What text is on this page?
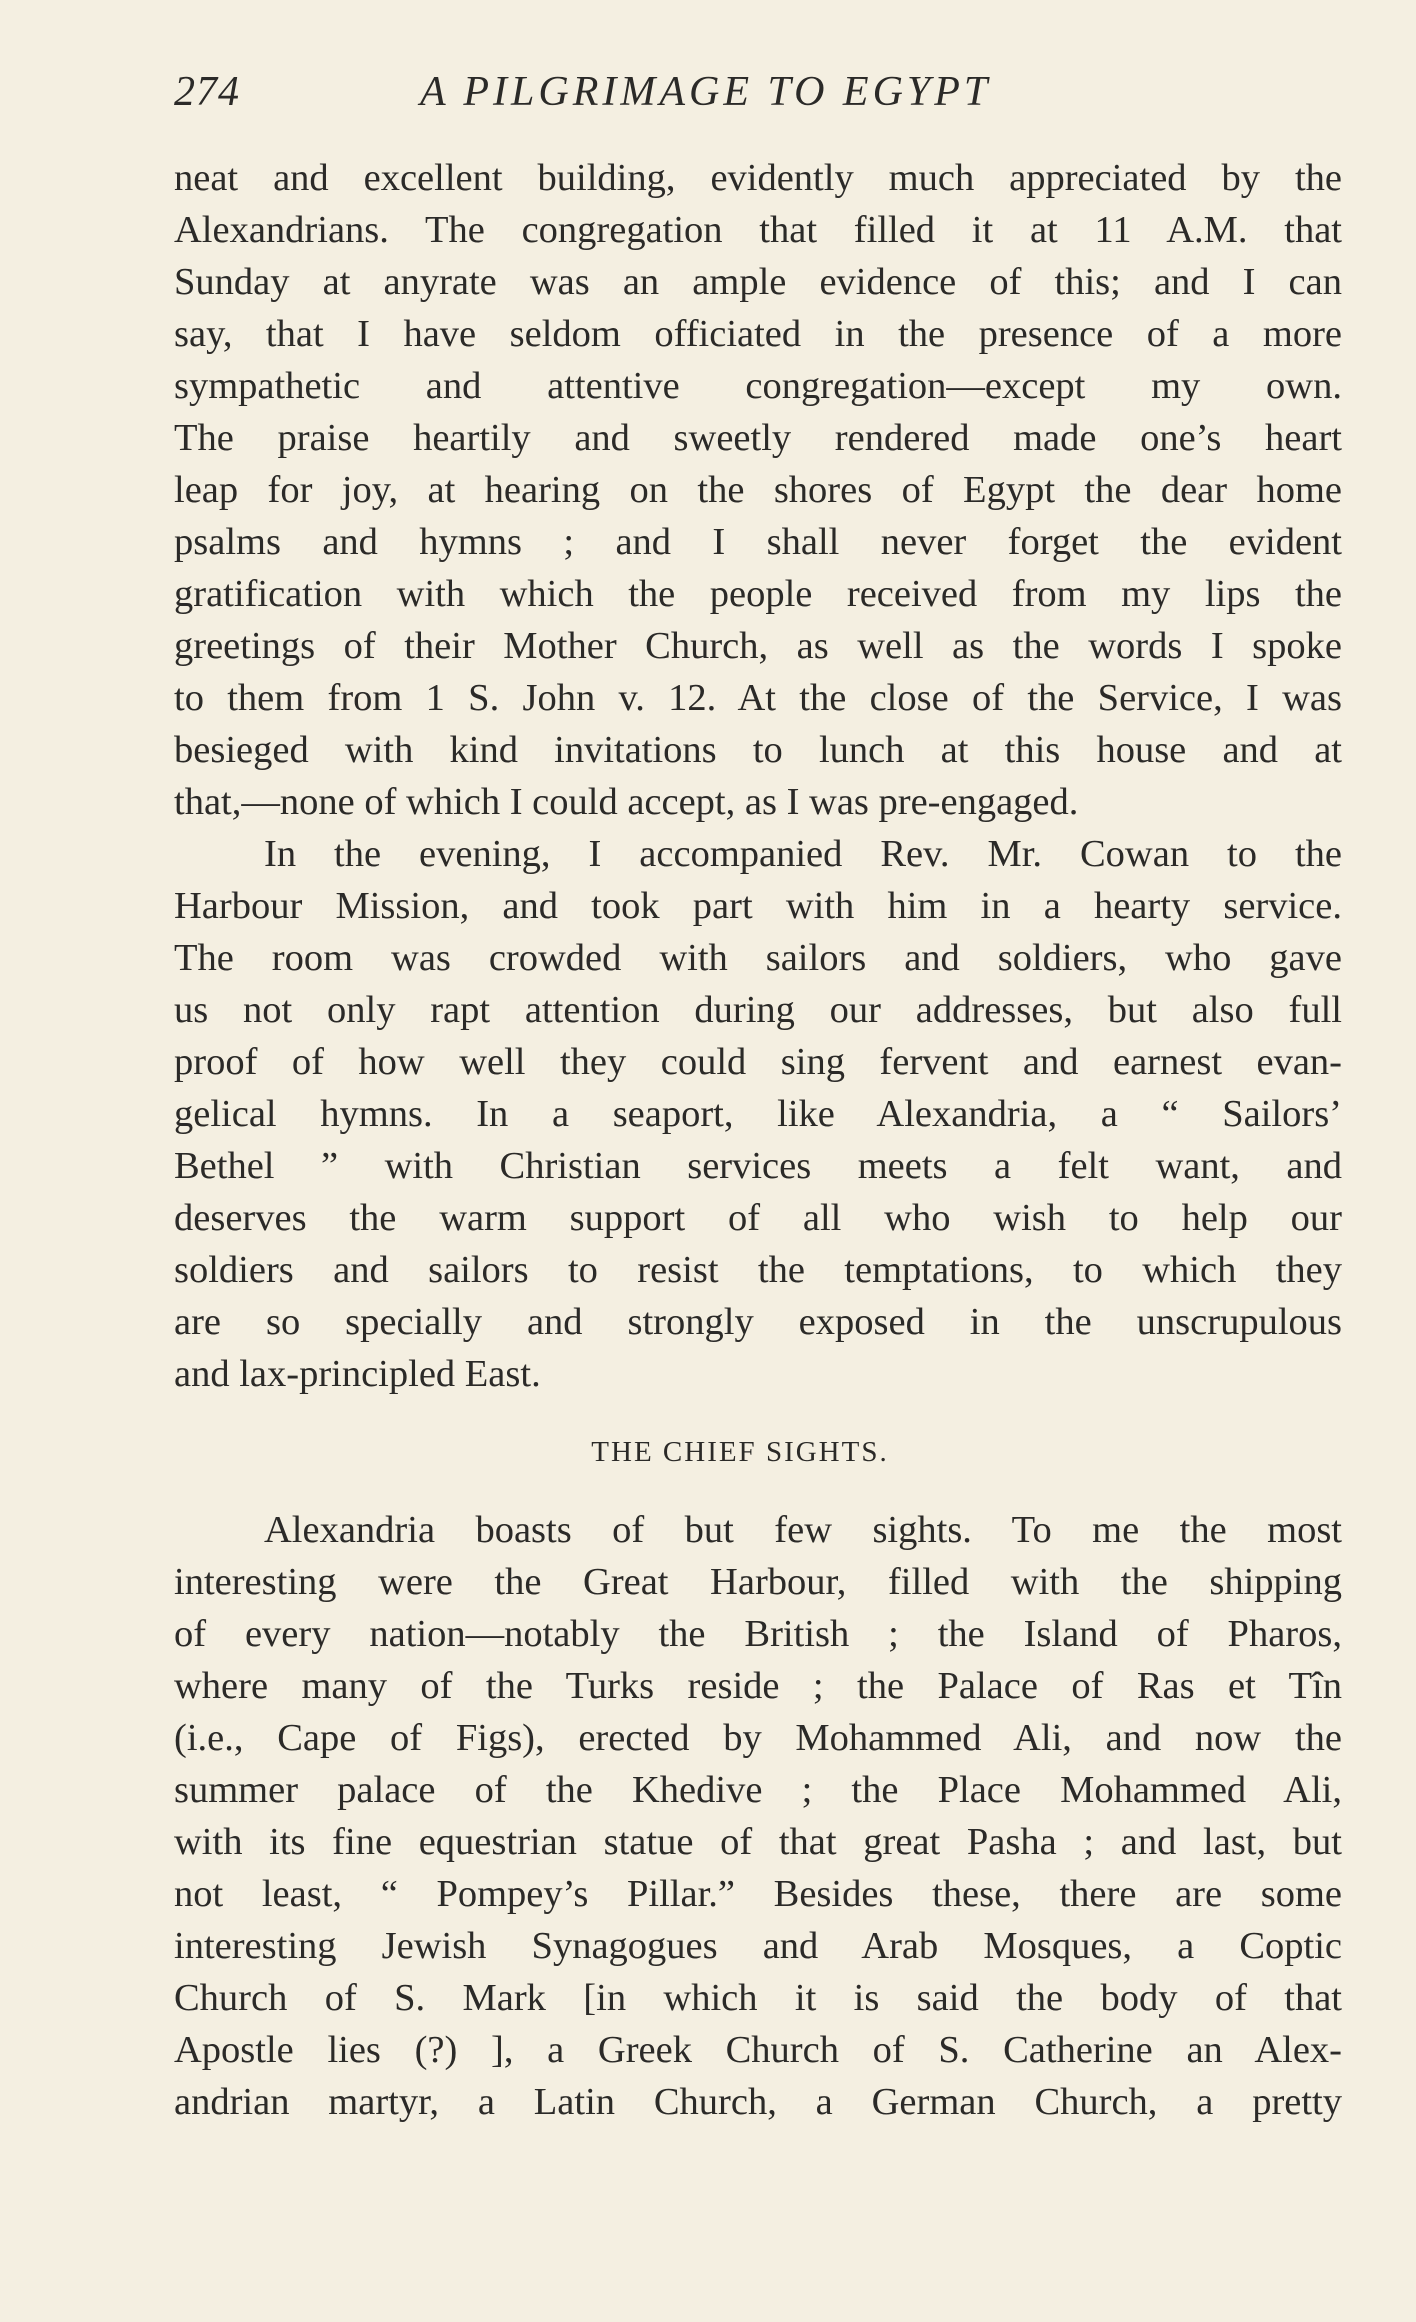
274	A PILGRIMAGE TO EGYPT
neat and excellent building, evidently much appreciated by the
Alexandrians. The congregation that filled it at 11 A.M. that
Sunday at anyrate was an ample evidence of this; and I can
say, that I have seldom officiated in the presence of a more
sympathetic and attentive congregation—except my own.
The praise heartily and sweetly rendered made one’s heart
leap for joy, at hearing on the shores of Egypt the dear home
psalms and hymns ; and I shall never forget the evident
gratification with which the people received from my lips the
greetings of their Mother Church, as well as the words I spoke
to them from 1 S. John v. 12. At the close of the Service, I was
besieged with kind invitations to lunch at this house and at
that,—none of which I could accept, as I was pre-engaged.
In the evening, I accompanied Rev. Mr. Cowan to the
Harbour Mission, and took part with him in a hearty service.
The room was crowded with sailors and soldiers, who gave
us not only rapt attention during our addresses, but also full
proof of how well they could sing fervent and earnest evan-
gelical hymns. In a seaport, like Alexandria, a “ Sailors’
Bethel ” with Christian services meets a felt want, and
deserves the warm support of all who wish to help our
soldiers and sailors to resist the temptations, to which they
are so specially and strongly exposed in the unscrupulous
and lax-principled East.
THE CHIEF SIGHTS.
Alexandria boasts of but few sights. To me the most
interesting were the Great Harbour, filled with the shipping
of every nation—notably the British ; the Island of Pharos,
where many of the Turks reside ; the Palace of Ras et Tîn
(i.e., Cape of Figs), erected by Mohammed Ali, and now the
summer palace of the Khedive ; the Place Mohammed Ali,
with its fine equestrian statue of that great Pasha ; and last, but
not least, “ Pompey’s Pillar.” Besides these, there are some
interesting Jewish Synagogues and Arab Mosques, a Coptic
Church of S. Mark [in which it is said the body of that
Apostle lies (?) ], a Greek Church of S. Catherine an Alex-
andrian martyr, a Latin Church, a German Church, a pretty
